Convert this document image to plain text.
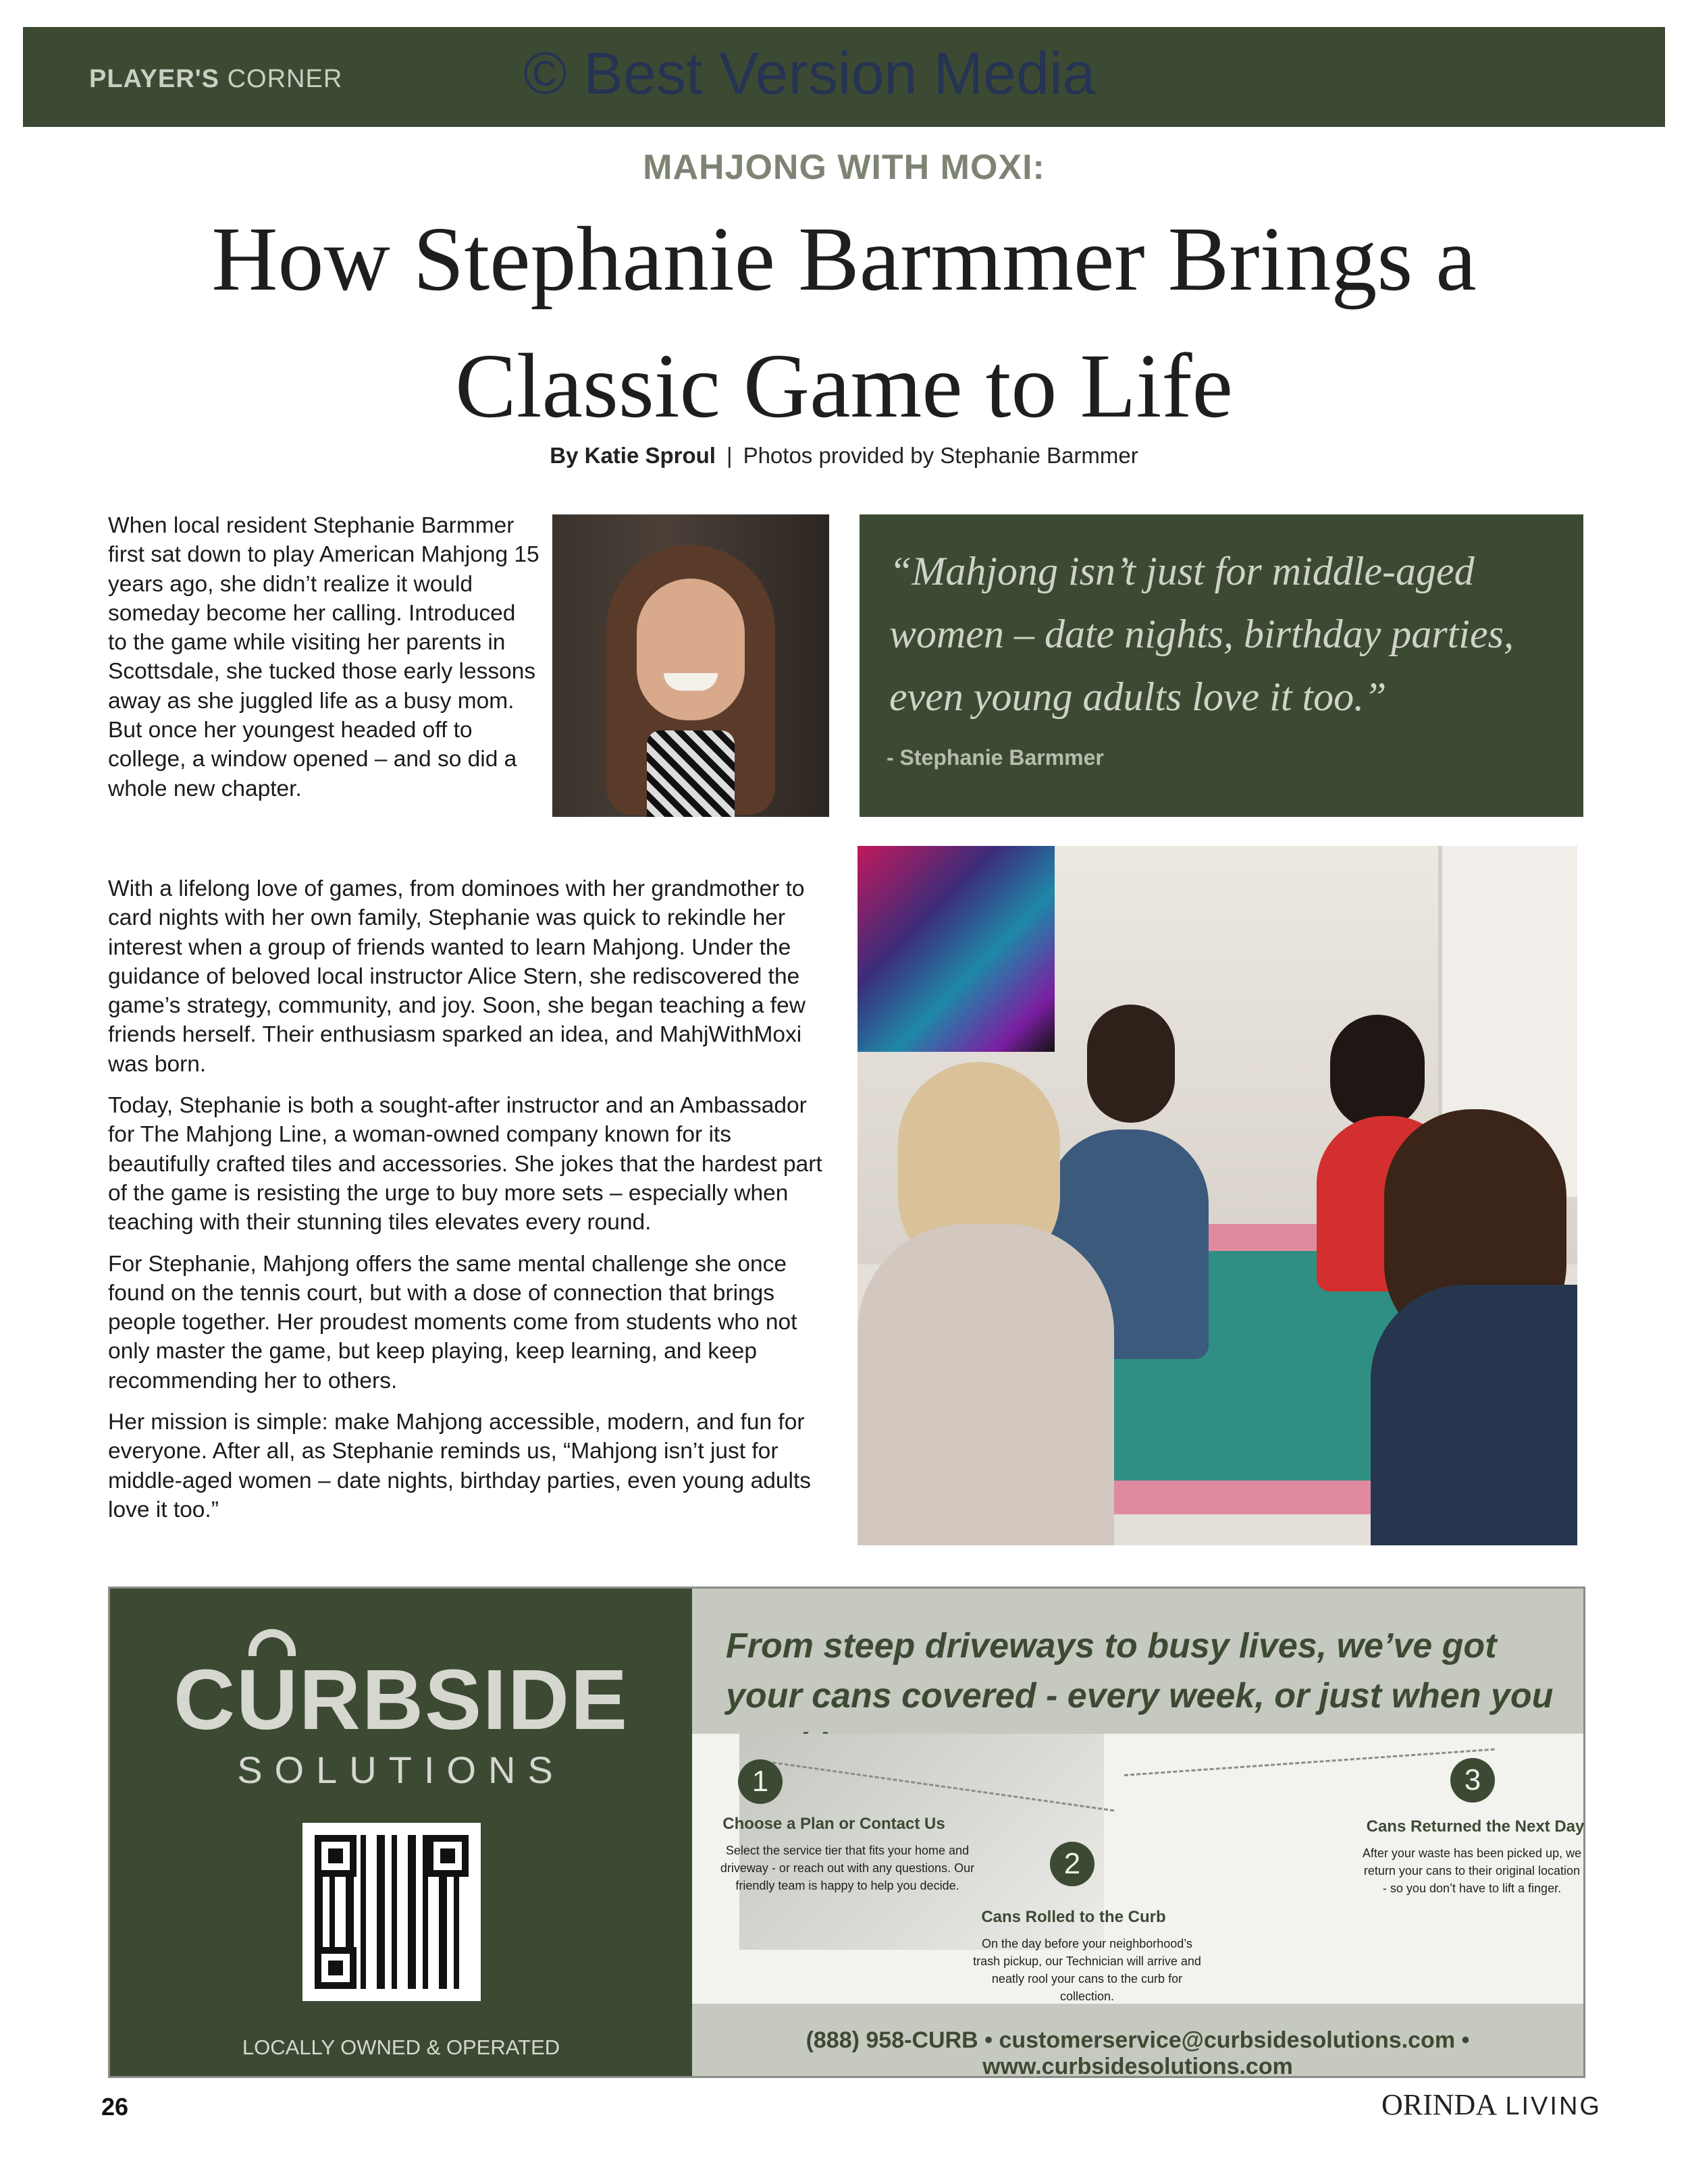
PLAYER'S CORNER	© Best Version Media
MAHJONG WITH MOXI:
How Stephanie Barmmer Brings a
Classic Game to Life
By Katie Sproul | Photos provided by Stephanie Barmmer
When local resident Stephanie Barmmer first sat down to play American Mahjong 15 years ago, she didn’t realize it would someday become her calling. Introduced to the game while visiting her parents in Scottsdale, she tucked those early lessons away as she juggled life as a busy mom. But once her youngest headed off to college, a window opened – and so did a whole new chapter.

With a lifelong love of games, from dominoes with her grandmother to card nights with her own family, Stephanie was quick to rekindle her interest when a group of friends wanted to learn Mahjong. Under the guidance of beloved local instructor Alice Stern, she rediscovered the game’s strategy, community, and joy. Soon, she began teaching a few friends herself. Their enthusiasm sparked an idea, and MahjWithMoxi was born.

Today, Stephanie is both a sought-after instructor and an Ambassador for The Mahjong Line, a woman-owned company known for its beautifully crafted tiles and accessories. She jokes that the hardest part of the game is resisting the urge to buy more sets – especially when teaching with their stunning tiles elevates every round.

For Stephanie, Mahjong offers the same mental challenge she once found on the tennis court, but with a dose of connection that brings people together. Her proudest moments come from students who not only master the game, but keep playing, keep learning, and keep recommending her to others.

Her mission is simple: make Mahjong accessible, modern, and fun for everyone. After all, as Stephanie reminds us, “Mahjong isn’t just for middle-aged women – date nights, birthday parties, even young adults love it too.”

“Mahjong isn’t just for middle-aged women – date nights, birthday parties, even young adults love it too.”
- Stephanie Barmmer
CURBSIDE
SOLUTIONS
LOCALLY OWNED & OPERATED
From steep driveways to busy lives, we’ve got your cans covered - every week, or just when you
1
Choose a Plan or Contact Us
Select the service tier that fits your home and driveway - or reach out with any questions. Our friendly team is happy to help you decide.
2
Cans Rolled to the Curb
On the day before your neighborhood’s trash pickup, our Technician will arrive and neatly rool your cans to the curb for collection.
3
Cans Returned the Next Day
After your waste has been picked up, we return your cans to their original location - so you don’t have to lift a finger.
(888) 958-CURB • customerservice@curbsidesolutions.com • www.curbsidesolutions.com
26	ORINDA LIVING
